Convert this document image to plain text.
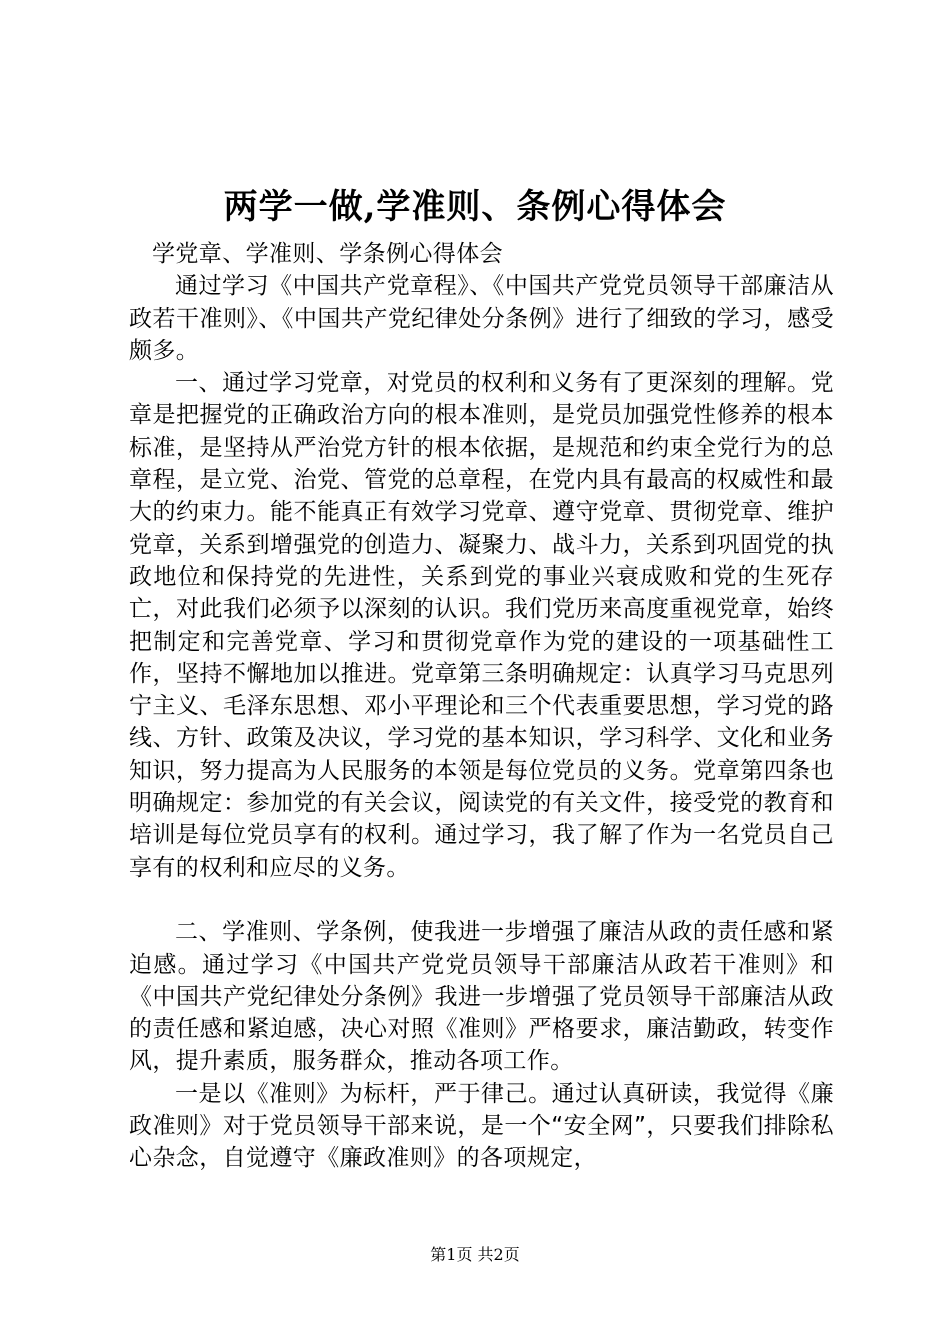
两学一做,学准则、条例心得体会

学党章、学准则、学条例心得体会

通过学习《中国共产党章程》、《中国共产党党员领导干部廉洁从政若干准则》、《中国共产党纪律处分条例》进行了细致的学习，感受颇多。

一、通过学习党章，对党员的权利和义务有了更深刻的理解。党章是把握党的正确政治方向的根本准则，是党员加强党性修养的根本标准，是坚持从严治党方针的根本依据，是规范和约束全党行为的总章程，是立党、治党、管党的总章程，在党内具有最高的权威性和最大的约束力。能不能真正有效学习党章、遵守党章、贯彻党章、维护党章，关系到增强党的创造力、凝聚力、战斗力，关系到巩固党的执政地位和保持党的先进性，关系到党的事业兴衰成败和党的生死存亡，对此我们必须予以深刻的认识。我们党历来高度重视党章，始终把制定和完善党章、学习和贯彻党章作为党的建设的一项基础性工作，坚持不懈地加以推进。党章第三条明确规定：认真学习马克思列宁主义、毛泽东思想、邓小平理论和三个代表重要思想，学习党的路线、方针、政策及决议，学习党的基本知识，学习科学、文化和业务知识，努力提高为人民服务的本领是每位党员的义务。党章第四条也明确规定：参加党的有关会议，阅读党的有关文件，接受党的教育和培训是每位党员享有的权利。通过学习，我了解了作为一名党员自己享有的权利和应尽的义务。

二、学准则、学条例，使我进一步增强了廉洁从政的责任感和紧迫感。通过学习《中国共产党党员领导干部廉洁从政若干准则》和《中国共产党纪律处分条例》我进一步增强了党员领导干部廉洁从政的责任感和紧迫感，决心对照《准则》严格要求，廉洁勤政，转变作风，提升素质，服务群众，推动各项工作。

一是以《准则》为标杆，严于律己。通过认真研读，我觉得《廉政准则》对于党员领导干部来说，是一个“安全网”，只要我们排除私心杂念，自觉遵守《廉政准则》的各项规定，

第1页 共2页
